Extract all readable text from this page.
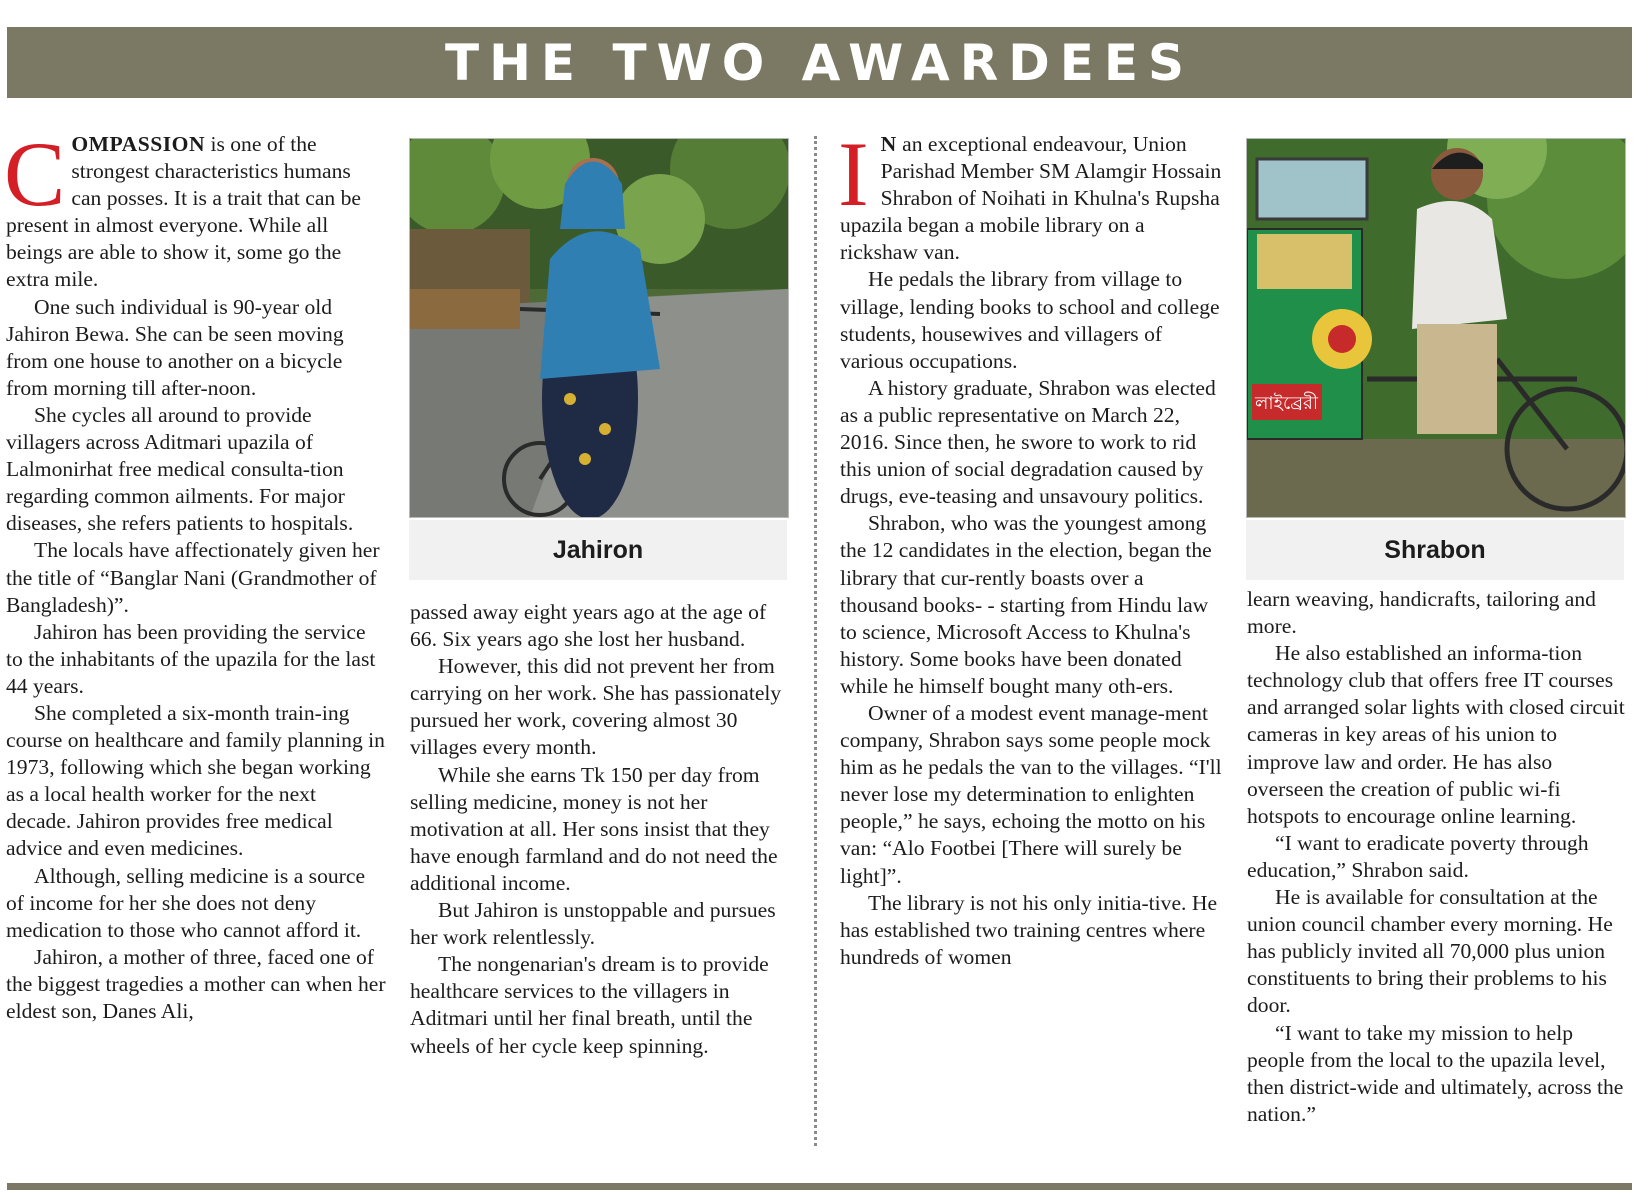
THE TWO AWARDEES

COMPASSION is one of the strongest characteristics humans can posses. It is a trait that can be present in almost everyone. While all beings are able to show it, some go the extra mile.

One such individual is 90-year old Jahiron Bewa. She can be seen moving from one house to another on a bicycle from morning till after-noon.

She cycles all around to provide villagers across Aditmari upazila of Lalmonirhat free medical consulta-tion regarding common ailments. For major diseases, she refers patients to hospitals.

The locals have affectionately given her the title of “Banglar Nani (Grandmother of Bangladesh)”.

Jahiron has been providing the service to the inhabitants of the upazila for the last 44 years.

She completed a six-month train-ing course on healthcare and family planning in 1973, following which she began working as a local health worker for the next decade. Jahiron provides free medical advice and even medicines.

Although, selling medicine is a source of income for her she does not deny medication to those who cannot afford it.

Jahiron, a mother of three, faced one of the biggest tragedies a mother can when her eldest son, Danes Ali,

Jahiron

passed away eight years ago at the age of 66. Six years ago she lost her husband.

However, this did not prevent her from carrying on her work. She has passionately pursued her work, covering almost 30 villages every month.

While she earns Tk 150 per day from selling medicine, money is not her motivation at all. Her sons insist that they have enough farmland and do not need the additional income.

But Jahiron is unstoppable and pursues her work relentlessly.

The nongenarian's dream is to provide healthcare services to the villagers in Aditmari until her final breath, until the wheels of her cycle keep spinning.

I N an exceptional endeavour, Union Parishad Member SM Alamgir Hossain Shrabon of Noihati in Khulna's Rupsha upazila began a mobile library on a rickshaw van.

He pedals the library from village to village, lending books to school and college students, housewives and villagers of various occupations.

A history graduate, Shrabon was elected as a public representative on March 22, 2016. Since then, he swore to work to rid this union of social degradation caused by drugs, eve-teasing and unsavoury politics.

Shrabon, who was the youngest among the 12 candidates in the election, began the library that cur-rently boasts over a thousand books- - starting from Hindu law to science, Microsoft Access to Khulna's history. Some books have been donated while he himself bought many oth-ers.

Owner of a modest event manage-ment company, Shrabon says some people mock him as he pedals the van to the villages. “I'll never lose my determination to enlighten people,” he says, echoing the motto on his van: “Alo Footbei [There will surely be light]”.

The library is not his only initia-tive. He has established two training centres where hundreds of women

লাইব্রেরী
Shrabon

learn weaving, handicrafts, tailoring and more.

He also established an informa-tion technology club that offers free IT courses and arranged solar lights with closed circuit cameras in key areas of his union to improve law and order. He has also overseen the creation of public wi-fi hotspots to encourage online learning.

“I want to eradicate poverty through education,” Shrabon said.

He is available for consultation at the union council chamber every morning. He has publicly invited all 70,000 plus union constituents to bring their problems to his door.

“I want to take my mission to help people from the local to the upazila level, then district-wide and ultimately, across the nation.”
